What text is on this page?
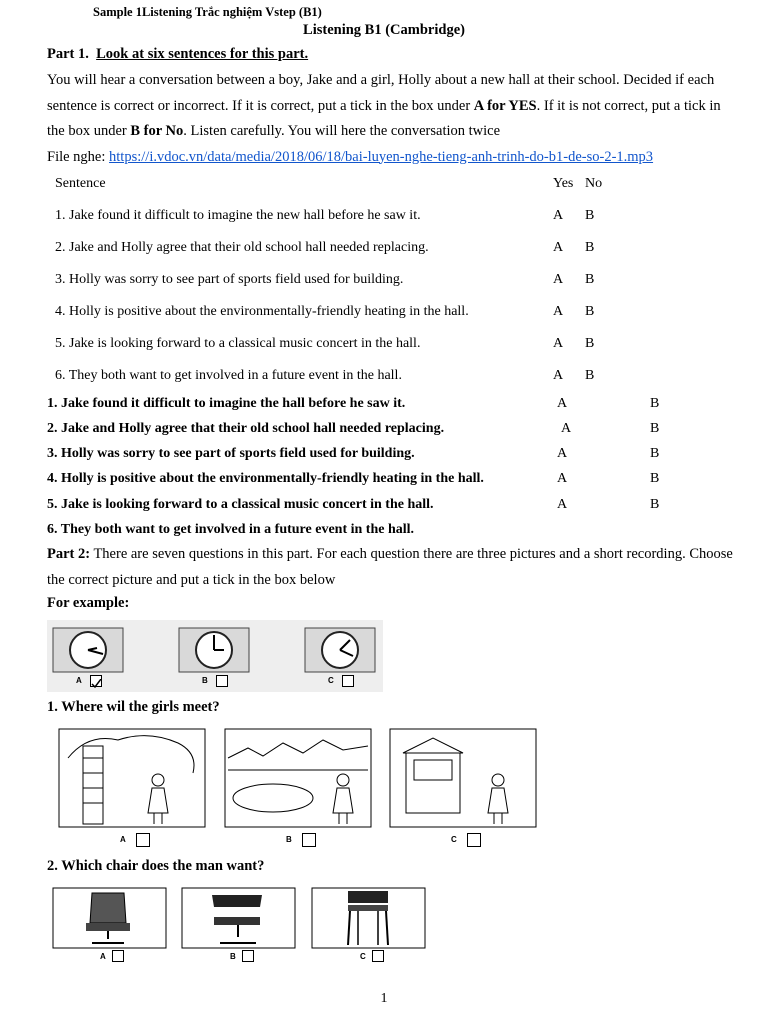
Sample 1Listening Trắc nghiệm Vstep (B1)
Listening B1 (Cambridge)
Part 1. Look at six sentences for this part.
You will hear a conversation between a boy, Jake and a girl, Holly about a new hall at their school. Decided if each sentence is correct or incorrect. If it is correct, put a tick in the box under A for YES. If it is not correct, put a tick in the box under B for No. Listen carefully. You will here the conversation twice
File nghe: https://i.vdoc.vn/data/media/2018/06/18/bai-luyen-nghe-tieng-anh-trinh-do-b1-de-so-2-1.mp3
Sentence	Yes No
1. Jake found it difficult to imagine the new hall before he saw it.	A B
2. Jake and Holly agree that their old school hall needed replacing.	A B
3. Holly was sorry to see part of sports field used for building.	A B
4. Holly is positive about the environmentally-friendly heating in the hall.	A B
5. Jake is looking forward to a classical music concert in the hall.	A B
6. They both want to get involved in a future event in the hall.	A B
1. Jake found it difficult to imagine the hall before he saw it.	A	B
2. Jake and Holly agree that their old school hall needed replacing.	A	B
3. Holly was sorry to see part of sports field used for building.	A	B
4. Holly is positive about the environmentally-friendly heating in the hall.	A	B
5. Jake is looking forward to a classical music concert in the hall.	A	B
6. They both want to get involved in a future event in the hall.
Part 2: There are seven questions in this part. For each question there are three pictures and a short recording. Choose the correct picture and put a tick in the box below
For example:
A	B	C
1. Where wil the girls meet?
A	B	C
2. Which chair does the man want?
A	B	C
1
